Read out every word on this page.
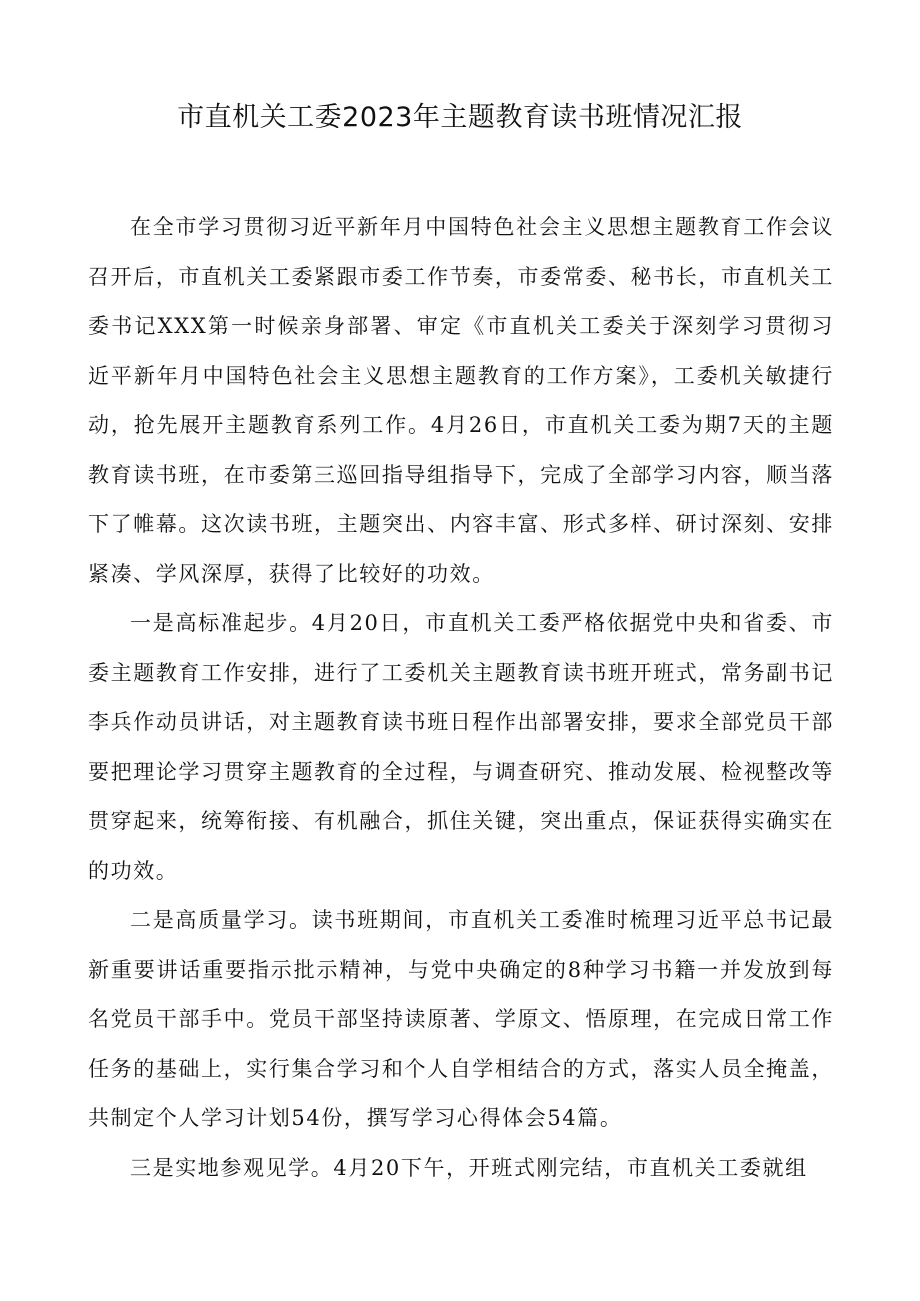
市直机关工委2023年主题教育读书班情况汇报

在全市学习贯彻习近平新年月中国特色社会主义思想主题教育工作会议召开后，市直机关工委紧跟市委工作节奏，市委常委、秘书长，市直机关工委书记XXX第一时候亲身部署、审定《市直机关工委关于深刻学习贯彻习近平新年月中国特色社会主义思想主题教育的工作方案》，工委机关敏捷行动，抢先展开主题教育系列工作。4月26日，市直机关工委为期7天的主题教育读书班，在市委第三巡回指导组指导下，完成了全部学习内容，顺当落下了帷幕。这次读书班，主题突出、内容丰富、形式多样、研讨深刻、安排紧凑、学风深厚，获得了比较好的功效。

一是高标准起步。4月20日，市直机关工委严格依据党中央和省委、市委主题教育工作安排，进行了工委机关主题教育读书班开班式，常务副书记李兵作动员讲话，对主题教育读书班日程作出部署安排，要求全部党员干部要把理论学习贯穿主题教育的全过程，与调查研究、推动发展、检视整改等贯穿起来，统筹衔接、有机融合，抓住关键，突出重点，保证获得实确实在的功效。

二是高质量学习。读书班期间，市直机关工委准时梳理习近平总书记最新重要讲话重要指示批示精神，与党中央确定的8种学习书籍一并发放到每名党员干部手中。党员干部坚持读原著、学原文、悟原理，在完成日常工作任务的基础上，实行集合学习和个人自学相结合的方式，落实人员全掩盖，共制定个人学习计划54份，撰写学习心得体会54篇。

三是实地参观见学。4月20下午，开班式刚完结，市直机关工委就组
